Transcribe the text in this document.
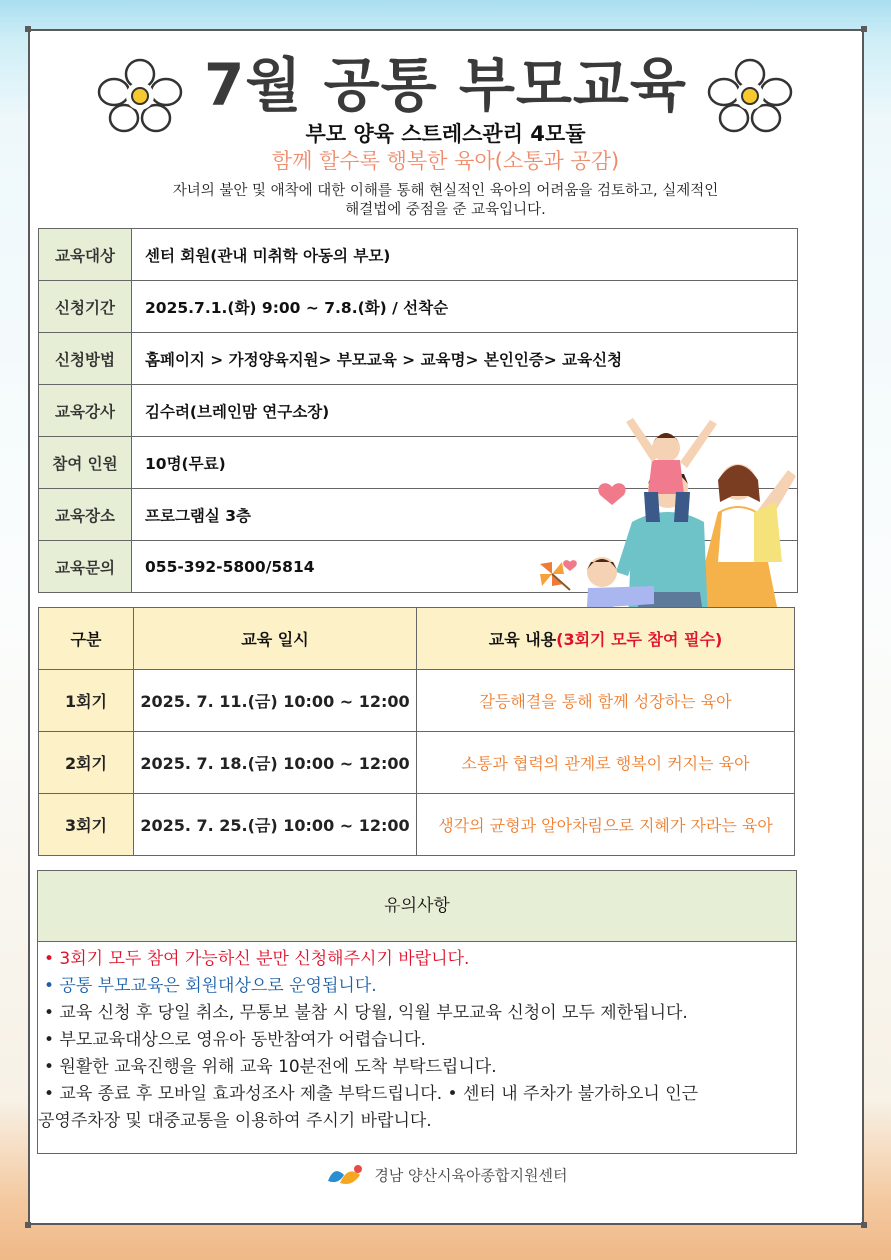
7월 공통 부모교육
부모 양육 스트레스관리 4모듈
함께 할수록 행복한 육아(소통과 공감)
자녀의 불안 및 애착에 대한 이해를 통해 현실적인 육아의 어려움을 검토하고, 실제적인
해결법에 중점을 준 교육입니다.
교육대상	센터 회원(관내 미취학 아동의 부모)
신청기간	2025.7.1.(화) 9:00 ~ 7.8.(화) / 선착순
신청방법	홈페이지 > 가정양육지원> 부모교육 > 교육명> 본인인증> 교육신청
교육강사	김수려(브레인맘 연구소장)
참여 인원	10명(무료)
교육장소	프로그램실 3층
교육문의	055-392-5800/5814
구분	교육 일시	교육 내용(3회기 모두 참여 필수)
1회기	2025. 7. 11.(금) 10:00 ~ 12:00	갈등해결을 통해 함께 성장하는 육아
2회기	2025. 7. 18.(금) 10:00 ~ 12:00	소통과 협력의 관계로 행복이 커지는 육아
3회기	2025. 7. 25.(금) 10:00 ~ 12:00	생각의 균형과 알아차림으로 지혜가 자라는 육아
유의사항
• 3회기 모두 참여 가능하신 분만 신청해주시기 바랍니다.
• 공통 부모교육은 회원대상으로 운영됩니다.
• 교육 신청 후 당일 취소, 무통보 불참 시 당월, 익월 부모교육 신청이 모두 제한됩니다.
• 부모교육대상으로 영유아 동반참여가 어렵습니다.
• 원활한 교육진행을 위해 교육 10분전에 도착 부탁드립니다.
• 교육 종료 후 모바일 효과성조사 제출 부탁드립니다. • 센터 내 주차가 불가하오니 인근
공영주차장 및 대중교통을 이용하여 주시기 바랍니다.
경남 양산시육아종합지원센터
